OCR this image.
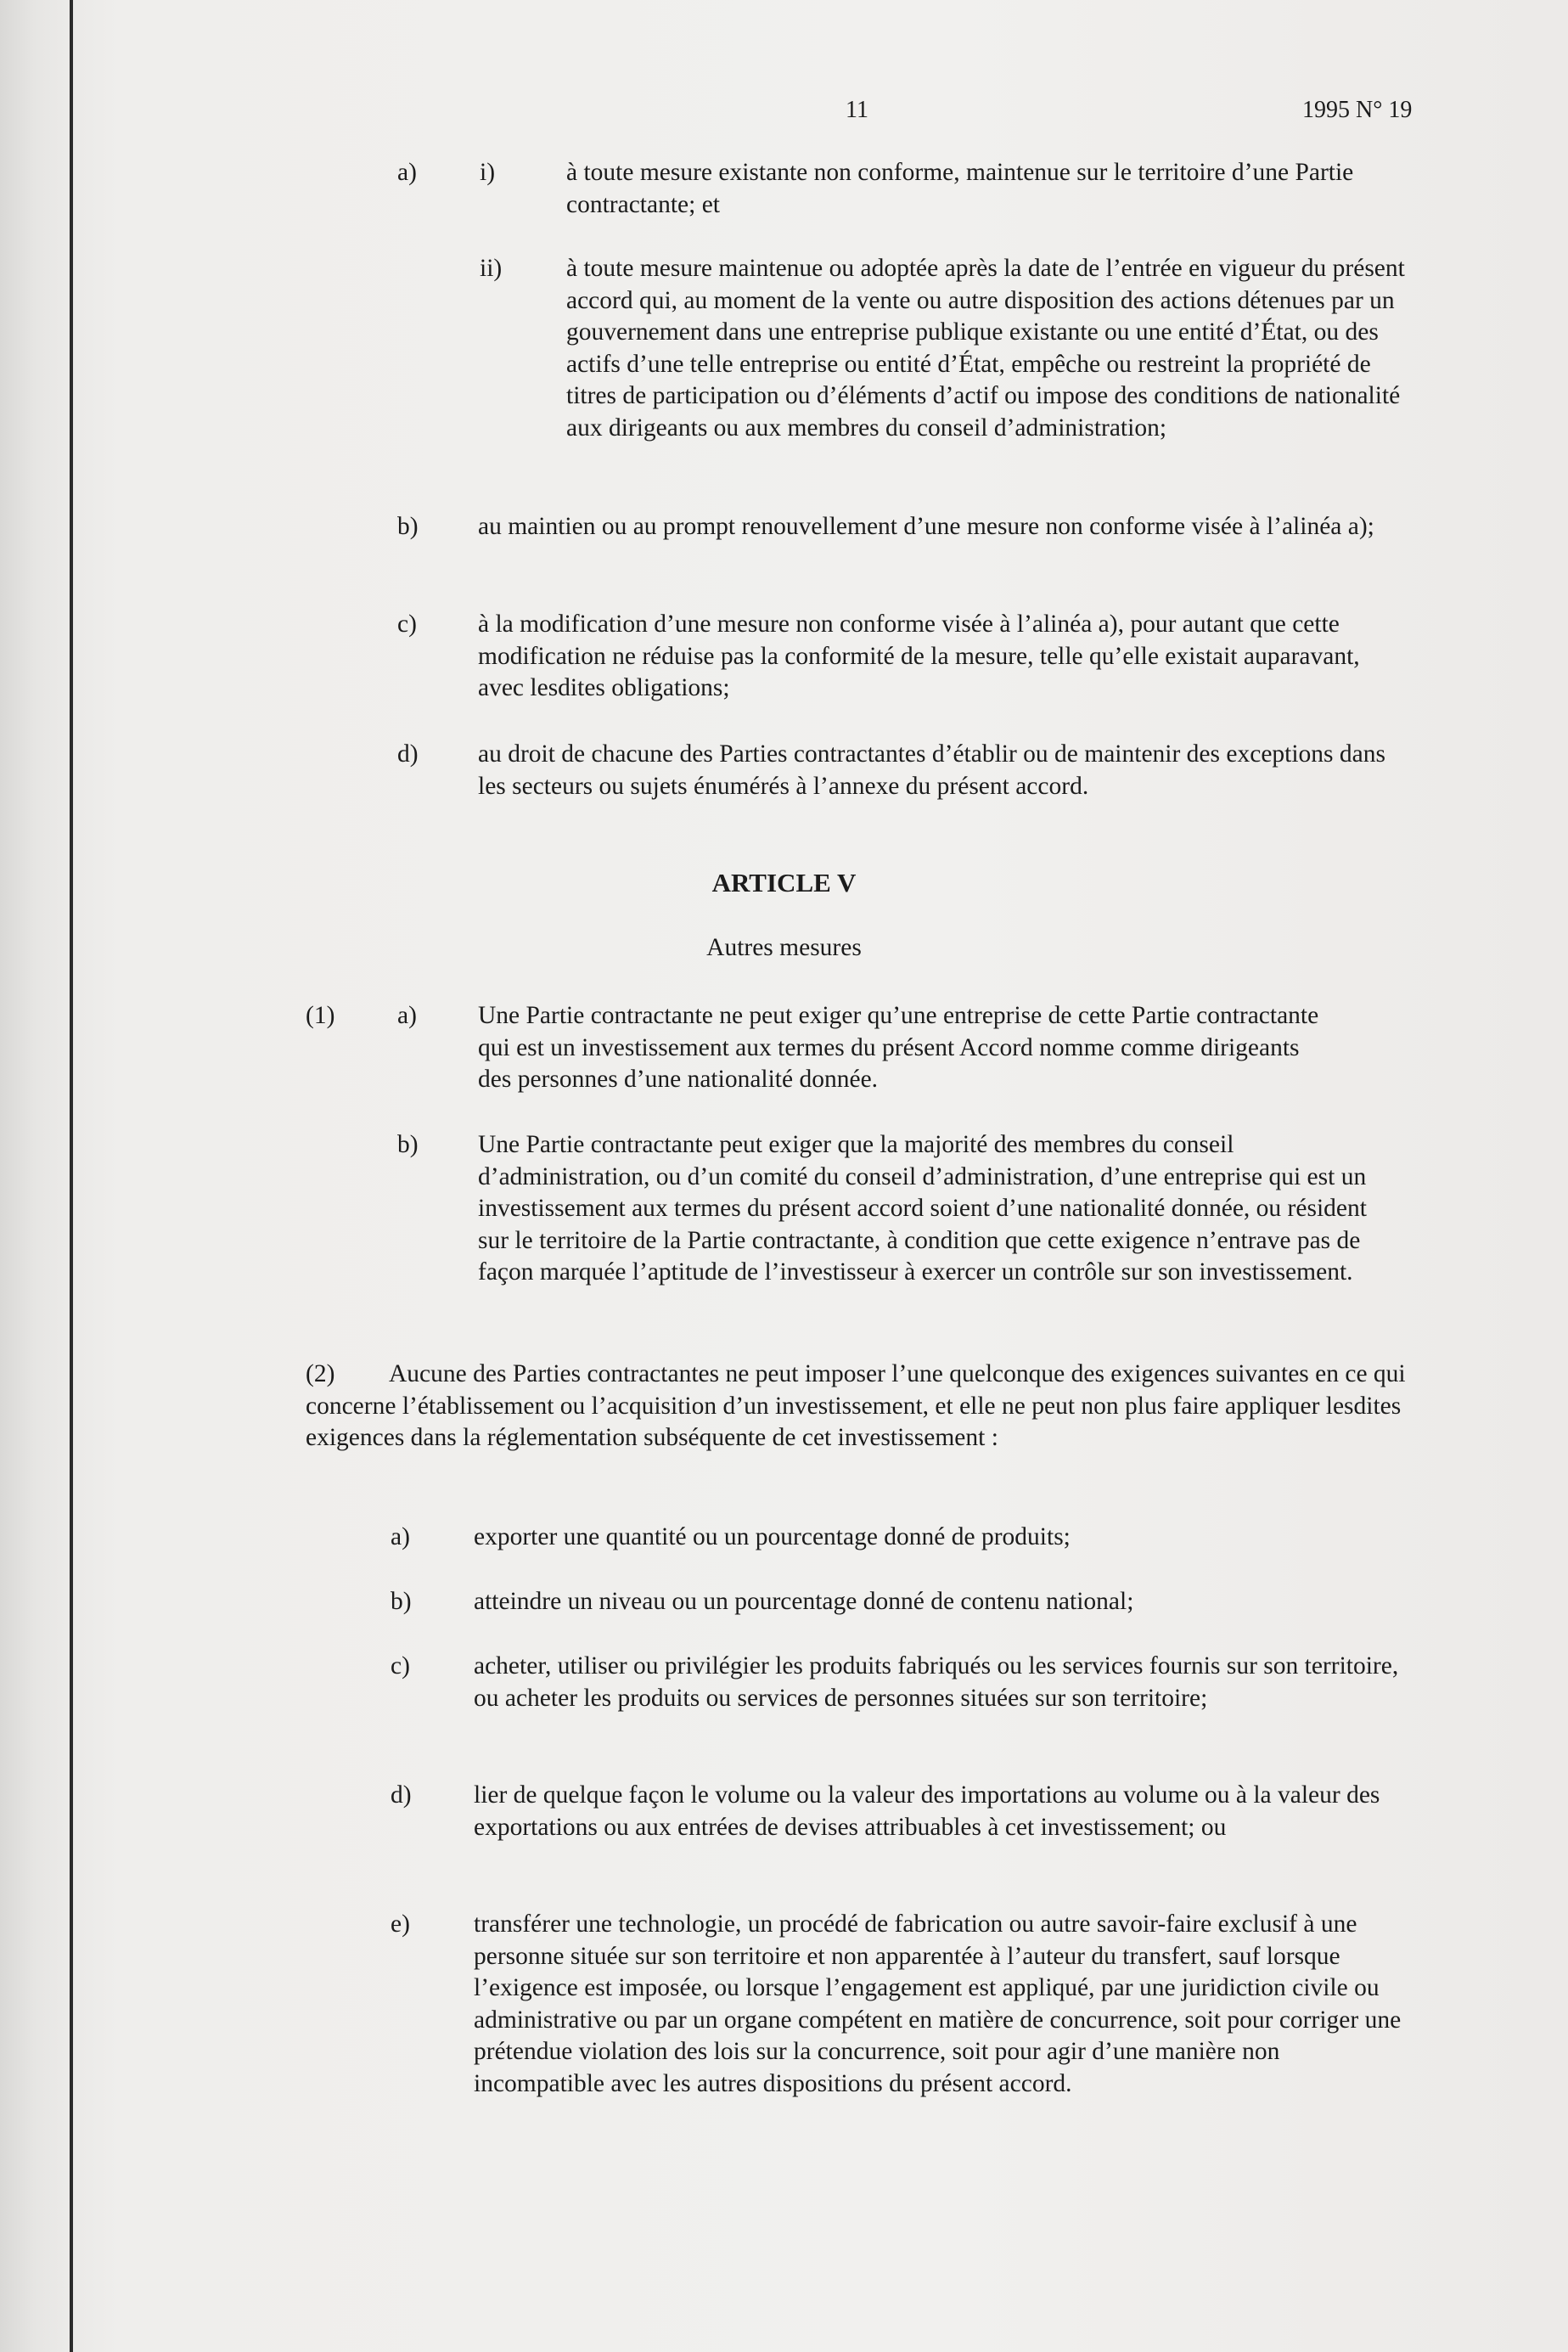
11	1995 N° 19
a)	i)	à toute mesure existante non conforme, maintenue sur le territoire d’une Partie contractante; et
ii)	à toute mesure maintenue ou adoptée après la date de l’entrée en vigueur du présent accord qui, au moment de la vente ou autre disposition des actions détenues par un gouvernement dans une entreprise publique existante ou une entité d’État, ou des actifs d’une telle entreprise ou entité d’État, empêche ou restreint la propriété de titres de participation ou d’éléments d’actif ou impose des conditions de nationalité aux dirigeants ou aux membres du conseil d’administration;
b) au maintien ou au prompt renouvellement d’une mesure non conforme visée à l’alinéa a);
c) à la modification d’une mesure non conforme visée à l’alinéa a), pour autant que cette modification ne réduise pas la conformité de la mesure, telle qu’elle existait auparavant, avec lesdites obligations;
d) au droit de chacune des Parties contractantes d’établir ou de maintenir des exceptions dans les secteurs ou sujets énumérés à l’annexe du présent accord.
ARTICLE V
Autres mesures
(1) a) Une Partie contractante ne peut exiger qu’une entreprise de cette Partie contractante qui est un investissement aux termes du présent Accord nomme comme dirigeants des personnes d’une nationalité donnée.
b) Une Partie contractante peut exiger que la majorité des membres du conseil d’administration, ou d’un comité du conseil d’administration, d’une entreprise qui est un investissement aux termes du présent accord soient d’une nationalité donnée, ou résident sur le territoire de la Partie contractante, à condition que cette exigence n’entrave pas de façon marquée l’aptitude de l’investisseur à exercer un contrôle sur son investissement.
(2)	Aucune des Parties contractantes ne peut imposer l’une quelconque des exigences suivantes en ce qui concerne l’établissement ou l’acquisition d’un investissement, et elle ne peut non plus faire appliquer lesdites exigences dans la réglementation subséquente de cet investissement :
a)	exporter une quantité ou un pourcentage donné de produits;
b) atteindre un niveau ou un pourcentage donné de contenu national;
c)	acheter, utiliser ou privilégier les produits fabriqués ou les services fournis sur son territoire, ou acheter les produits ou services de personnes situées sur son territoire;
d) lier de quelque façon le volume ou la valeur des importations au volume ou à la valeur des exportations ou aux entrées de devises attribuables à cet investissement; ou
e)	transférer une technologie, un procédé de fabrication ou autre savoir-faire exclusif à une personne située sur son territoire et non apparentée à l’auteur du transfert, sauf lorsque l’exigence est imposée, ou lorsque l’engagement est appliqué, par une juridiction civile ou administrative ou par un organe compétent en matière de concurrence, soit pour corriger une prétendue violation des lois sur la concurrence, soit pour agir d’une manière non incompatible avec les autres dispositions du présent accord.
